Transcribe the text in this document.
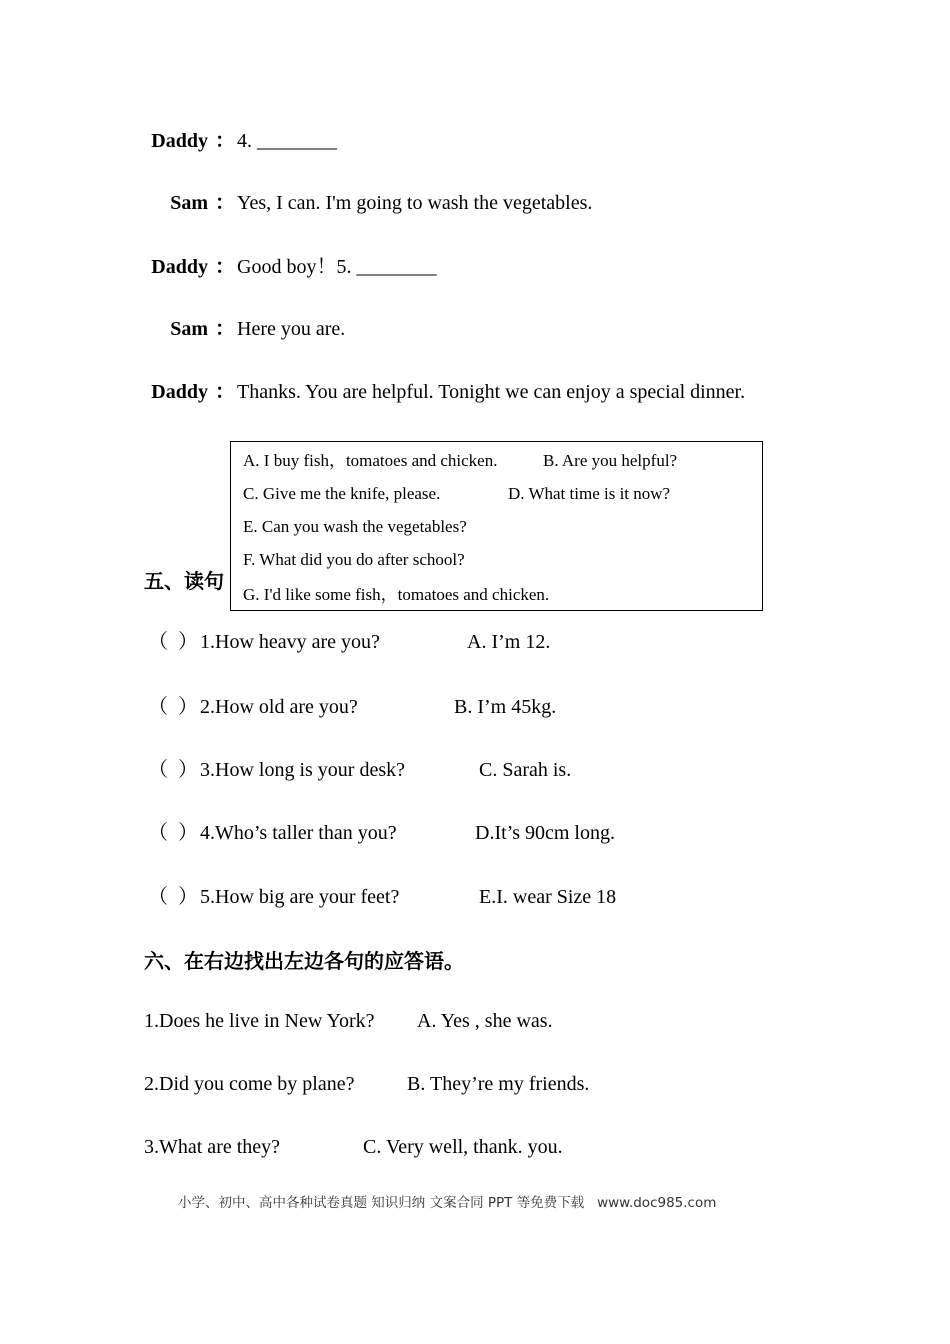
Daddy ： 4. ________
Sam ： Yes, I can. I'm going to wash the vegetables.
Daddy ： Good boy！5. ________
Sam ： Here you are.
Daddy ： Thanks. You are helpful. Tonight we can enjoy a special dinner.
五、读句
A. I buy fish，tomatoes and chicken.	B. Are you helpful?
C. Give me the knife, please.	D. What time is it now?
E. Can you wash the vegetables?
F. What did you do after school?
G. I'd like some fish，tomatoes and chicken.
（  ） 1.How heavy are you?	A. I’m 12.
（  ） 2.How old are you?	B. I’m 45kg.
（  ） 3.How long is your desk?	C. Sarah is.
（  ） 4.Who’s taller than you?	D.It’s 90cm long.
（  ） 5.How big are your feet?	E.I. wear Size 18
六、在右边找出左边各句的应答语。
1.Does he live in New York? A. Yes , she was.
2.Did you come by plane?	B. They’re my friends.
3.What are they?	C. Very well, thank. you.
小学、初中、高中各种试卷真题 知识归纳 文案合同 PPT 等免费下载   www.doc985.com
